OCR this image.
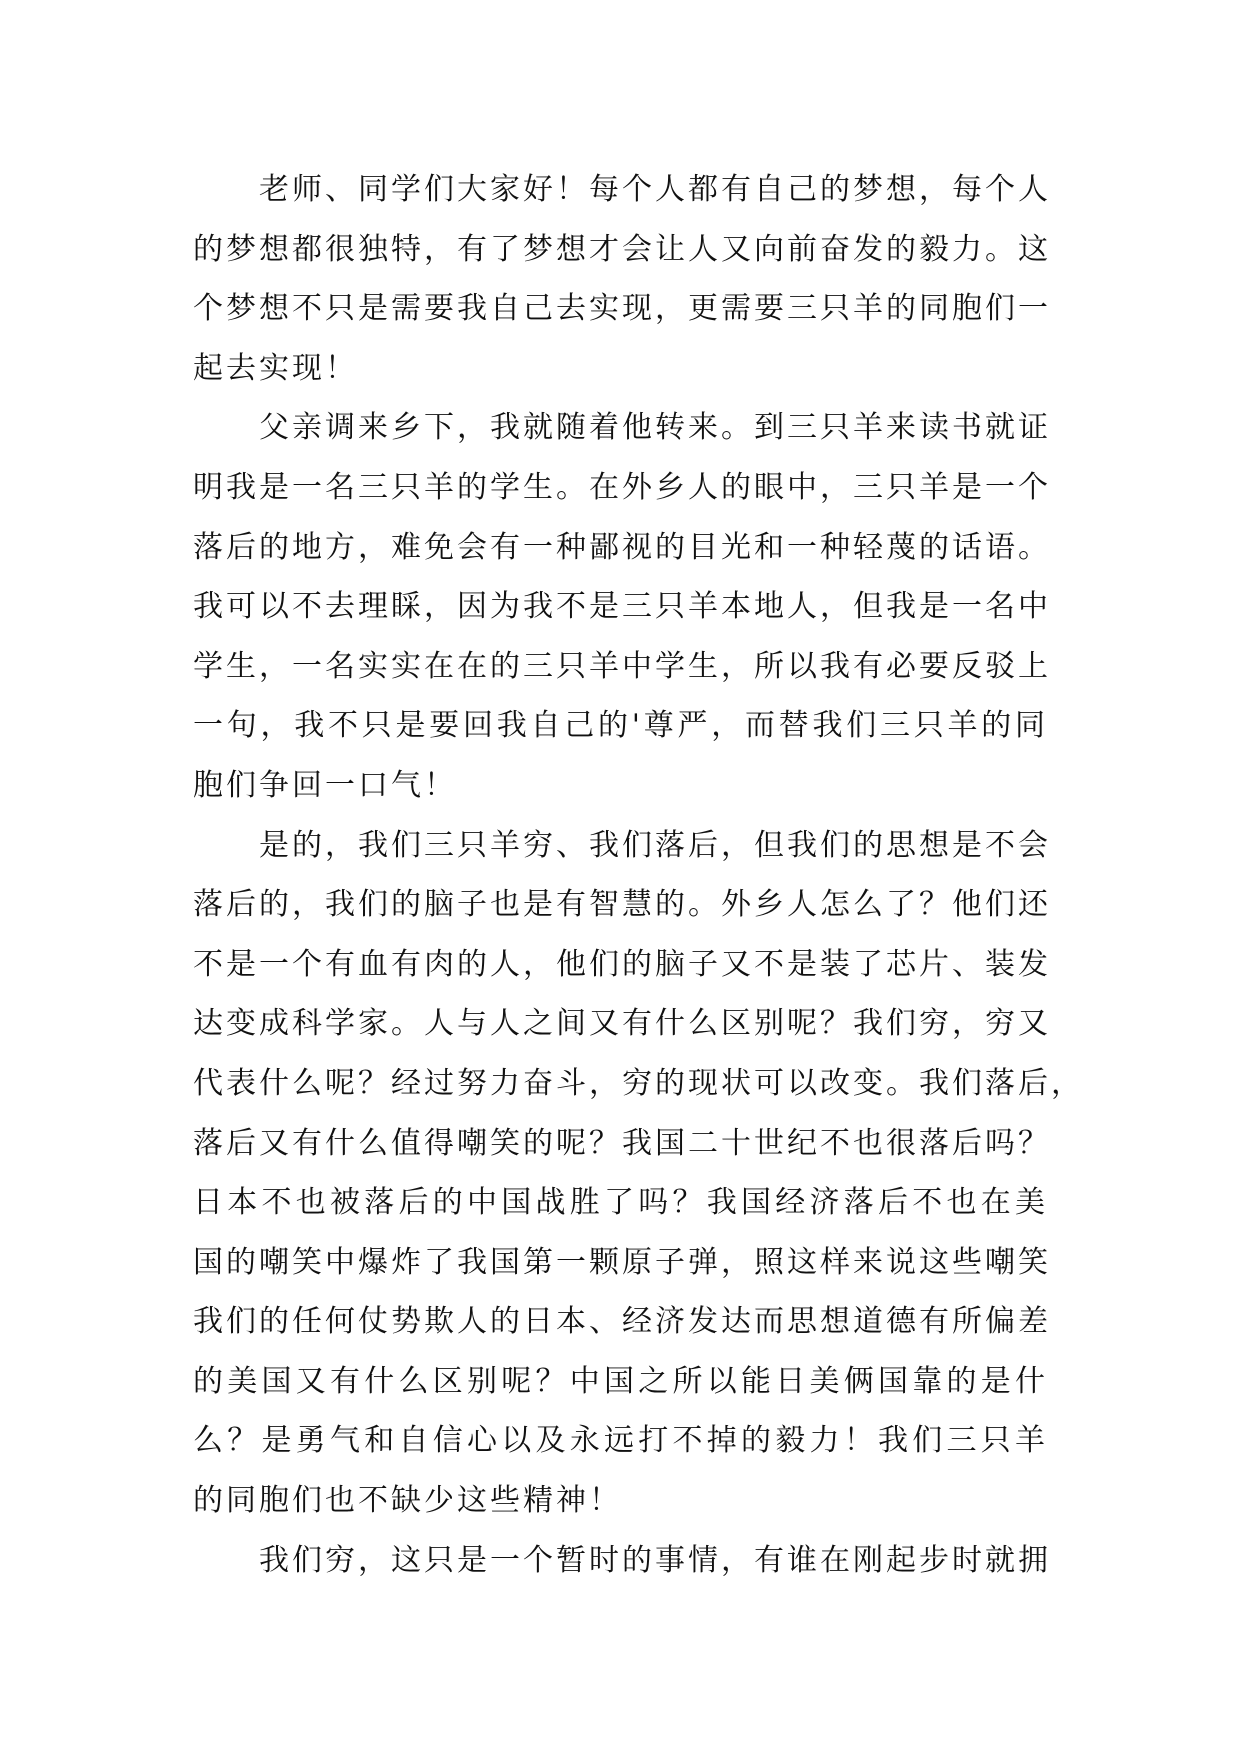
老师、同学们大家好！每个人都有自己的梦想，每个人
的梦想都很独特，有了梦想才会让人又向前奋发的毅力。这
个梦想不只是需要我自己去实现，更需要三只羊的同胞们一
起去实现！
父亲调来乡下，我就随着他转来。到三只羊来读书就证
明我是一名三只羊的学生。在外乡人的眼中，三只羊是一个
落后的地方，难免会有一种鄙视的目光和一种轻蔑的话语。
我可以不去理睬，因为我不是三只羊本地人，但我是一名中
学生，一名实实在在的三只羊中学生，所以我有必要反驳上
一句，我不只是要回我自己的'尊严，而替我们三只羊的同
胞们争回一口气！
是的，我们三只羊穷、我们落后，但我们的思想是不会
落后的，我们的脑子也是有智慧的。外乡人怎么了？他们还
不是一个有血有肉的人，他们的脑子又不是装了芯片、装发
达变成科学家。人与人之间又有什么区别呢？我们穷，穷又
代表什么呢？经过努力奋斗，穷的现状可以改变。我们落后，
落后又有什么值得嘲笑的呢？我国二十世纪不也很落后吗？
日本不也被落后的中国战胜了吗？我国经济落后不也在美
国的嘲笑中爆炸了我国第一颗原子弹，照这样来说这些嘲笑
我们的任何仗势欺人的日本、经济发达而思想道德有所偏差
的美国又有什么区别呢？中国之所以能日美俩国靠的是什
么？是勇气和自信心以及永远打不掉的毅力！我们三只羊
的同胞们也不缺少这些精神！
我们穷，这只是一个暂时的事情，有谁在刚起步时就拥
